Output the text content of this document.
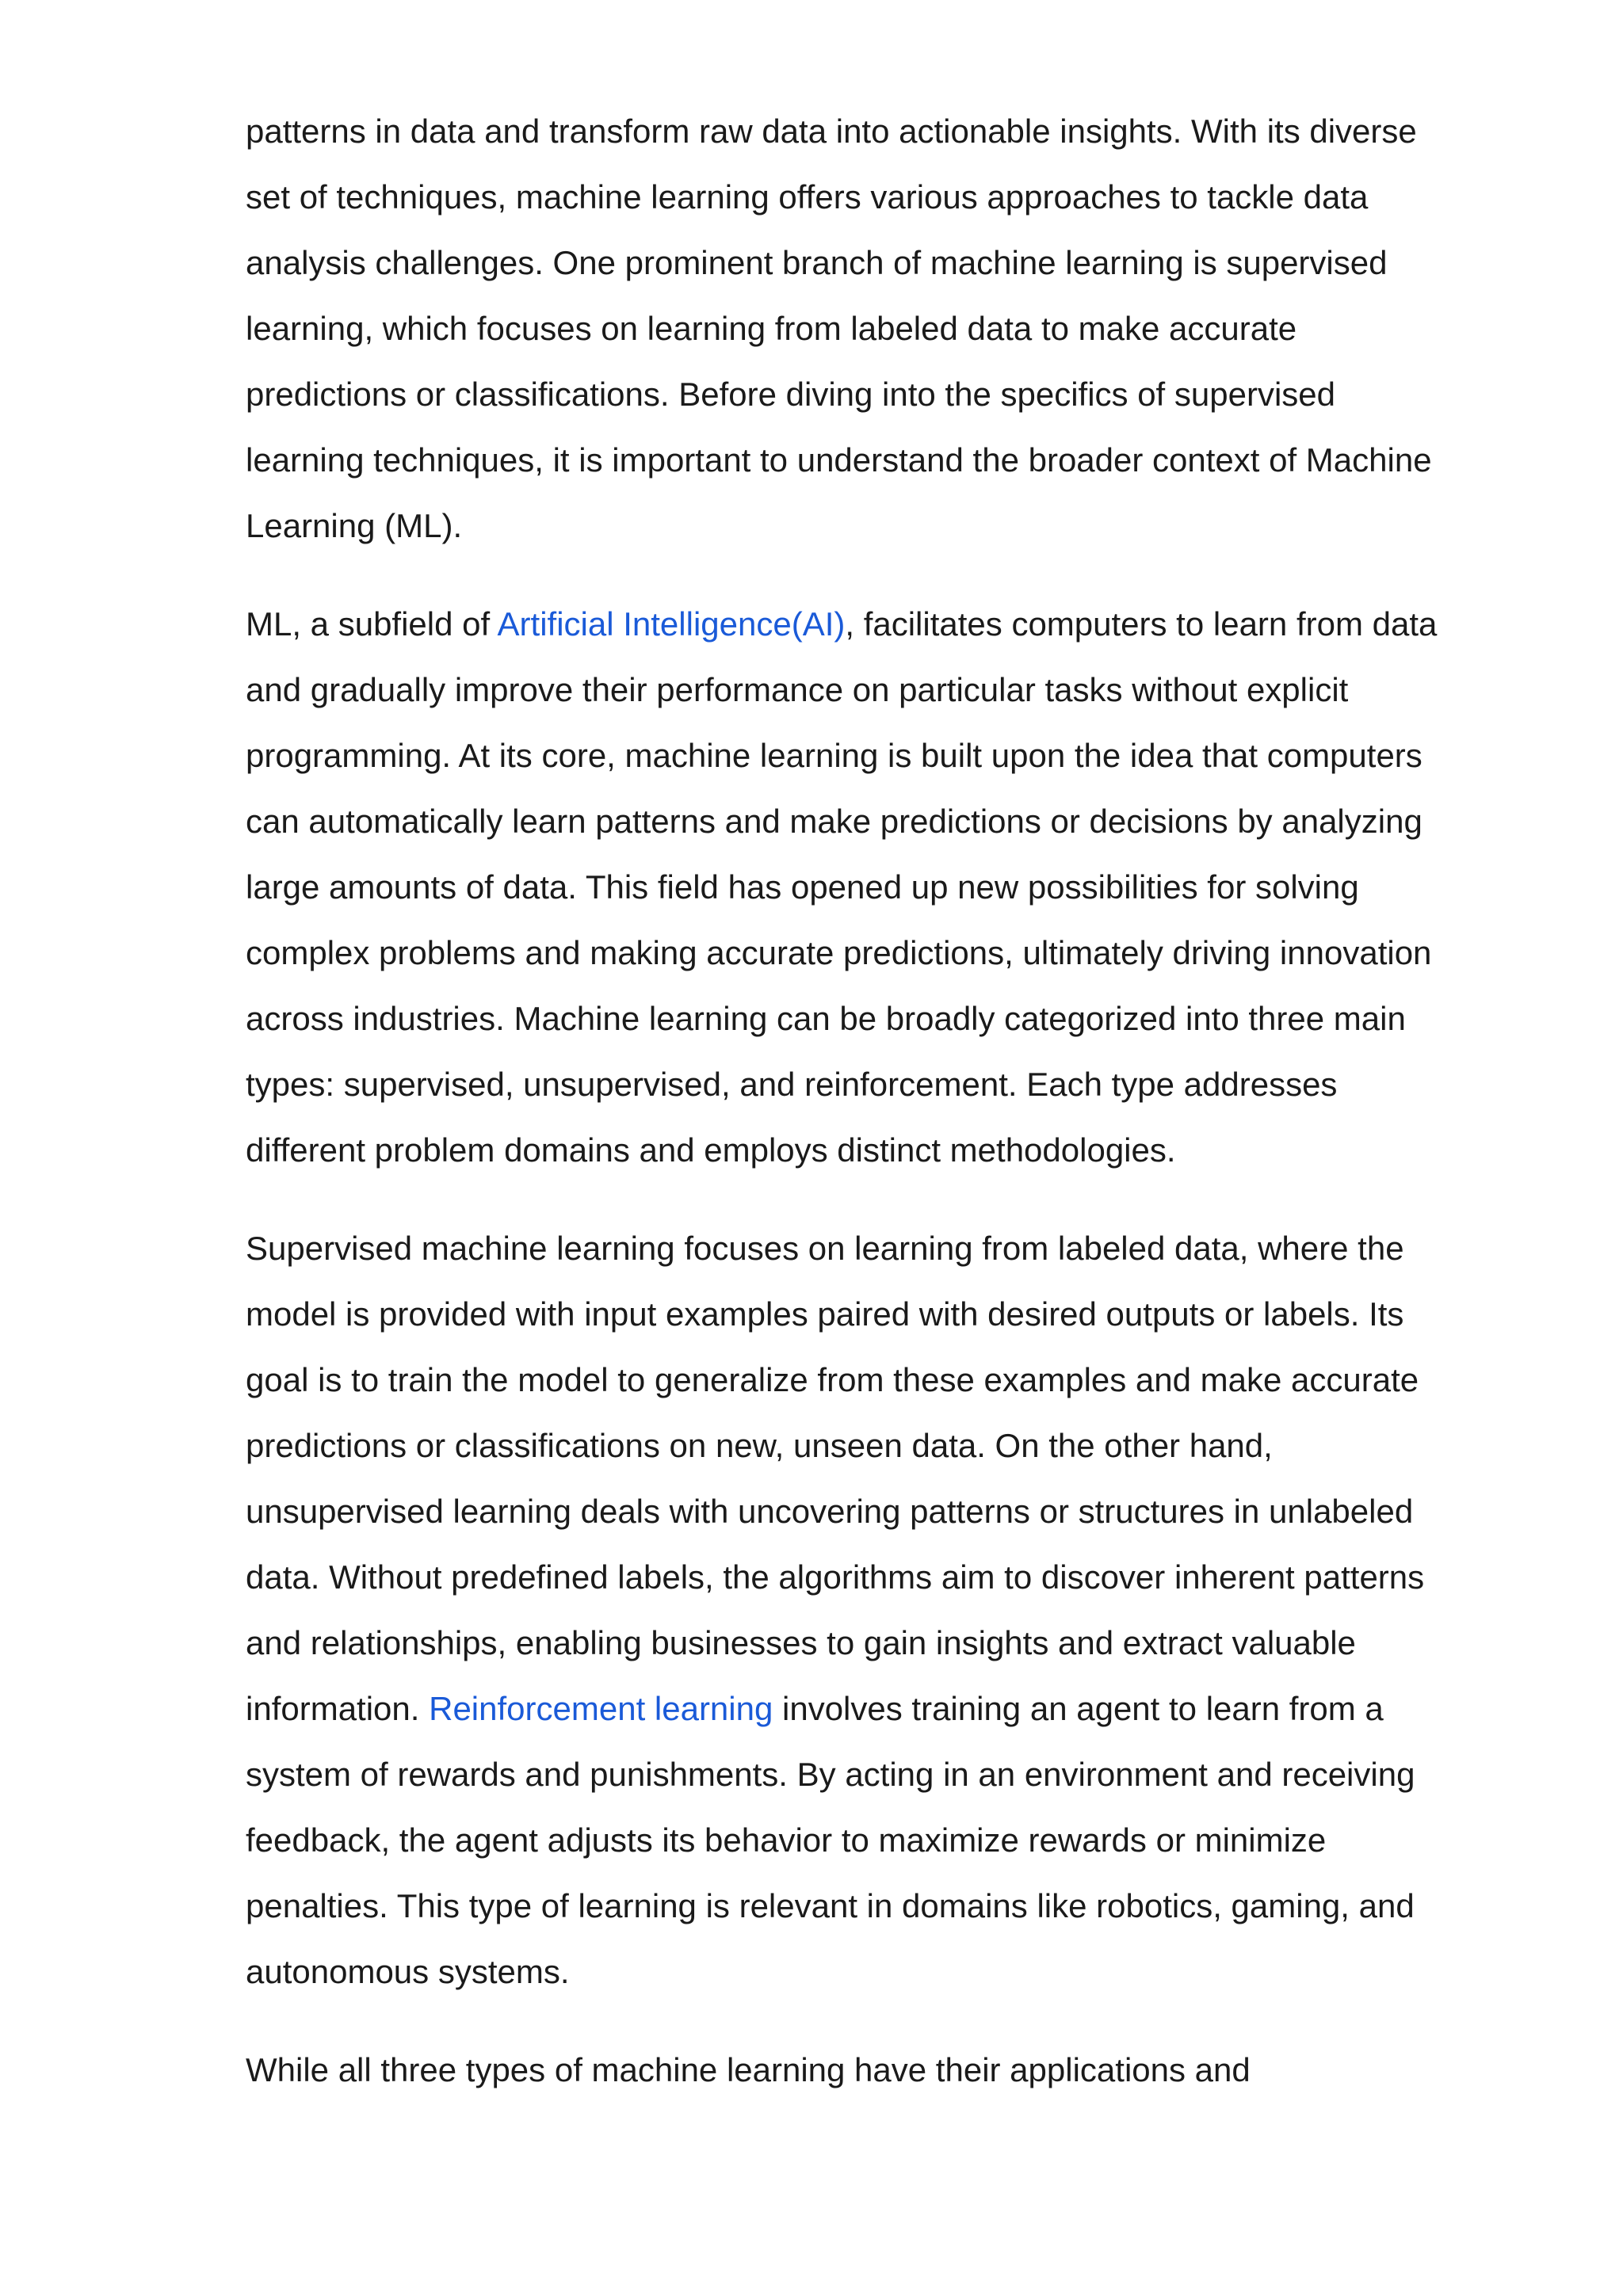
patterns in data and transform raw data into actionable insights. With its diverse set of techniques, machine learning offers various approaches to tackle data analysis challenges. One prominent branch of machine learning is supervised learning, which focuses on learning from labeled data to make accurate predictions or classifications. Before diving into the specifics of supervised learning techniques, it is important to understand the broader context of Machine Learning (ML).

ML, a subfield of Artificial Intelligence(AI), facilitates computers to learn from data and gradually improve their performance on particular tasks without explicit programming. At its core, machine learning is built upon the idea that computers can automatically learn patterns and make predictions or decisions by analyzing large amounts of data. This field has opened up new possibilities for solving complex problems and making accurate predictions, ultimately driving innovation across industries. Machine learning can be broadly categorized into three main types: supervised, unsupervised, and reinforcement. Each type addresses different problem domains and employs distinct methodologies.

Supervised machine learning focuses on learning from labeled data, where the model is provided with input examples paired with desired outputs or labels. Its goal is to train the model to generalize from these examples and make accurate predictions or classifications on new, unseen data. On the other hand, unsupervised learning deals with uncovering patterns or structures in unlabeled data. Without predefined labels, the algorithms aim to discover inherent patterns and relationships, enabling businesses to gain insights and extract valuable information. Reinforcement learning involves training an agent to learn from a system of rewards and punishments. By acting in an environment and receiving feedback, the agent adjusts its behavior to maximize rewards or minimize penalties. This type of learning is relevant in domains like robotics, gaming, and autonomous systems.

While all three types of machine learning have their applications and
